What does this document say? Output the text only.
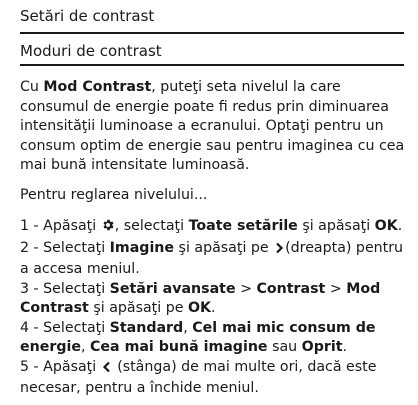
Setări de contrast
Moduri de contrast

Cu Mod Contrast, puteţi seta nivelul la care consumul de energie poate fi redus prin diminuarea intensităţii luminoase a ecranului. Optaţi pentru un consum optim de energie sau pentru imaginea cu cea mai bună intensitate luminoasă.

Pentru reglarea nivelului...

1 - Apăsaţi , selectaţi Toate setările şi apăsaţi OK.

2 - Selectaţi Imagine şi apăsaţi pe (dreapta) pentru a accesa meniul.

3 - Selectaţi Setări avansate > Contrast > Mod Contrast şi apăsaţi pe OK.

4 - Selectaţi Standard, Cel mai mic consum de energie, Cea mai bună imagine sau Oprit.

5 - Apăsaţi  (stânga) de mai multe ori, dacă este necesar, pentru a închide meniul.
